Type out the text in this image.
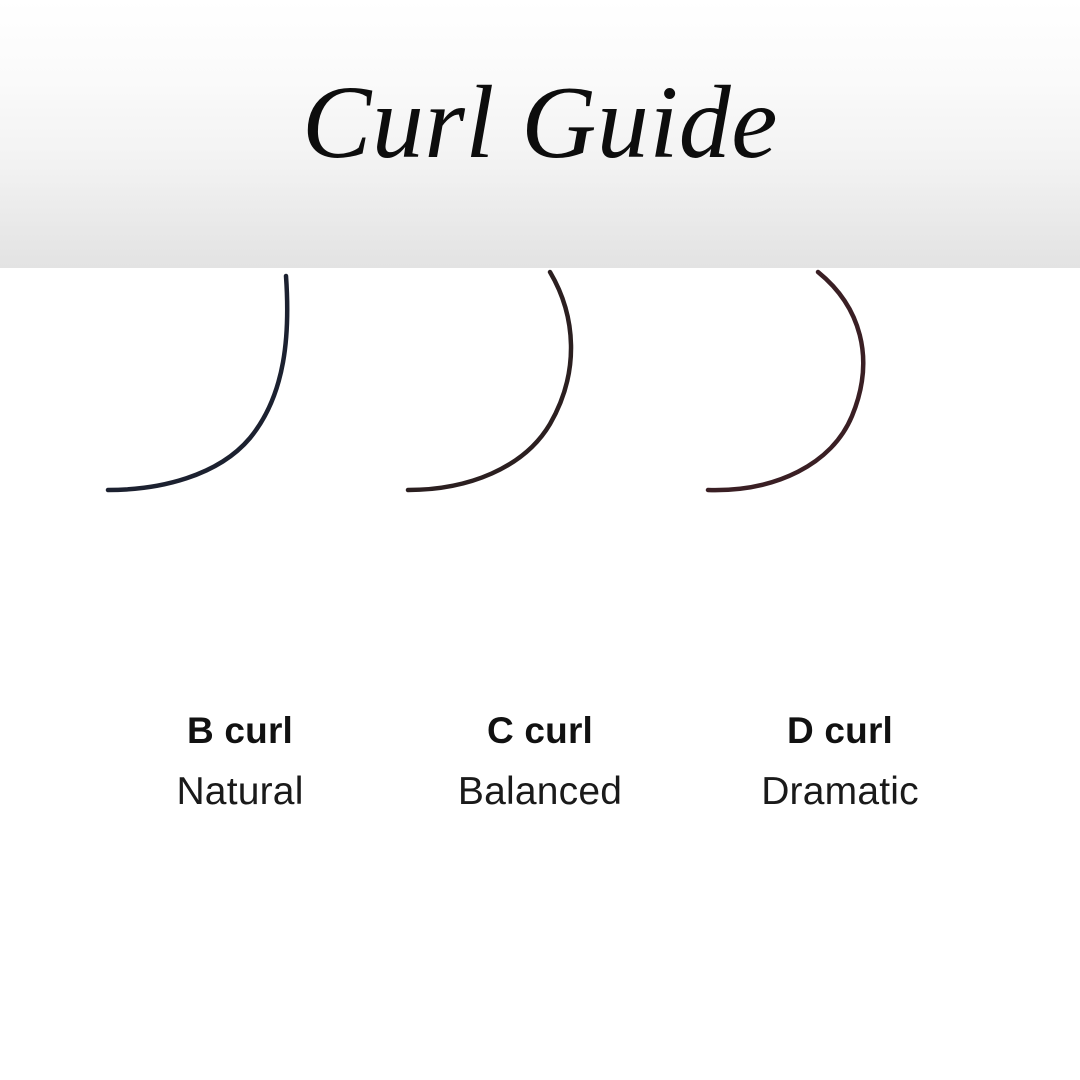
Curl Guide
B curl
Natural
C curl
Balanced
D curl
Dramatic
